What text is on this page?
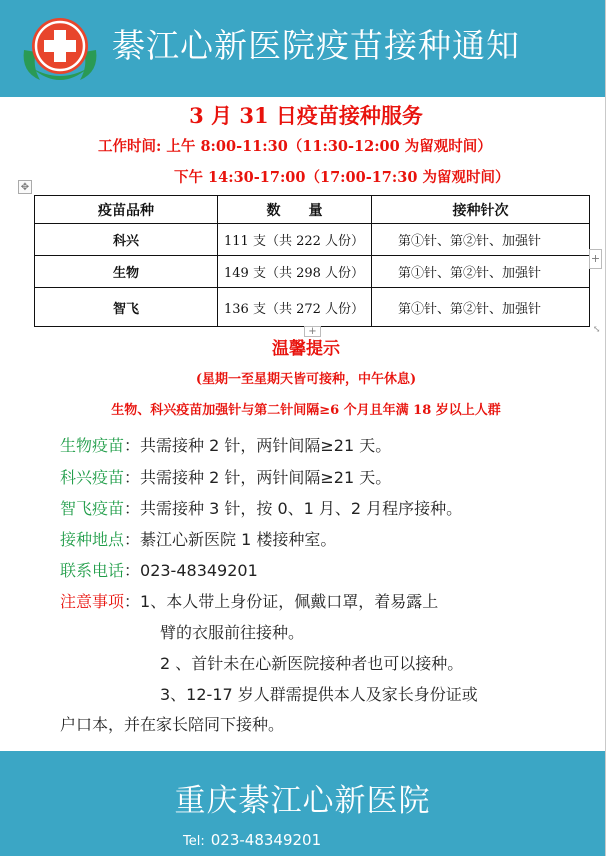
綦江心新医院疫苗接种通知
3 月 31 日疫苗接种服务
工作时间: 上午 8:00-11:30（11:30-12:00 为留观时间）
下午 14:30-17:00（17:00-17:30 为留观时间）
✥
疫苗品种	数　　量	接种针次
科兴	111 支（共 222 人份）	第①针、第②针、加强针
生物	149 支（共 298 人份）	第①针、第②针、加强针
智飞	136 支（共 272 人份）	第①针、第②针、加强针
+
+	⤡
温馨提示
(星期一至星期天皆可接种，中午休息)
生物、科兴疫苗加强针与第二针间隔≥6 个月且年满 18 岁以上人群
生物疫苗：共需接种 2 针，两针间隔≥21 天。
科兴疫苗：共需接种 2 针，两针间隔≥21 天。
智飞疫苗：共需接种 3 针，按 0、1 月、2 月程序接种。
接种地点：綦江心新医院 1 楼接种室。
联系电话：023-48349201
注意事项：1、本人带上身份证，佩戴口罩，着易露上
臂的衣服前往接种。
2 、首针未在心新医院接种者也可以接种。
3、12-17 岁人群需提供本人及家长身份证或
户口本，并在家长陪同下接种。
重庆綦江心新医院
Tel: 023-48349201
